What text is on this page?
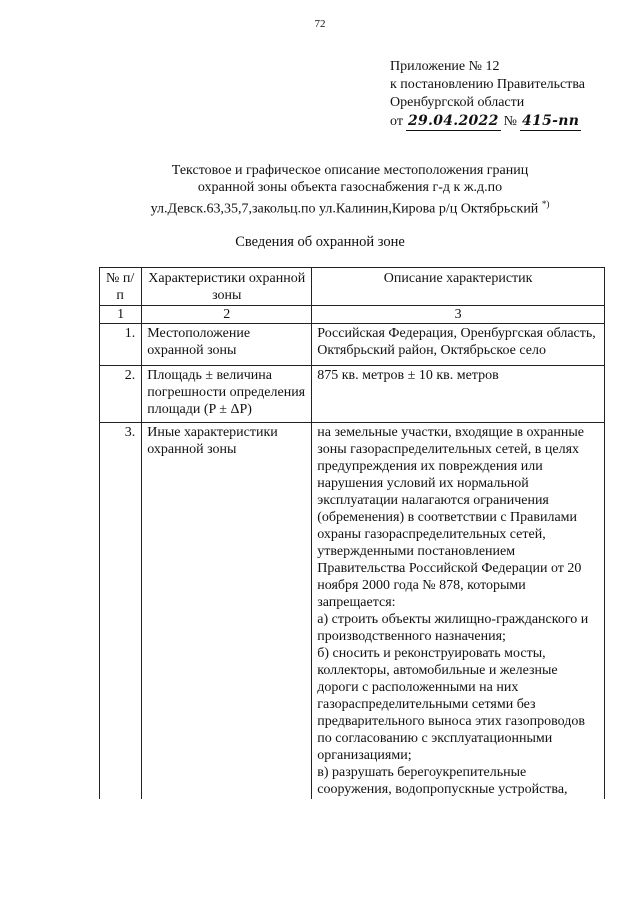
72
Приложение № 12
к постановлению Правительства
Оренбургской области
от 29.04.2022 № 415-пп
Текстовое и графическое описание местоположения границ
охранной зоны объекта газоснабжения г-д к ж.д.по
ул.Девск.63,35,7,закольц.по ул.Калинин,Кирова р/ц Октябрьский *)
Сведения об охранной зоне
№ п/п	Характеристики охранной зоны	Описание характеристик
1	2	3
1.	Местоположение охранной зоны	Российская Федерация, Оренбургская область, Октябрьский район, Октябрьское село
2.	Площадь ± величина погрешности определения площади (P ± ΔP)	875 кв. метров ± 10 кв. метров
3.	Иные характеристики охранной зоны	на земельные участки, входящие в охранные зоны газораспределительных сетей, в целях предупреждения их повреждения или нарушения условий их нормальной эксплуатации налагаются ограничения (обременения) в соответствии с Правилами охраны газораспределительных сетей, утвержденными постановлением Правительства Российской Федерации от 20 ноября 2000 года № 878, которыми запрещается:
а) строить объекты жилищно-гражданского и производственного назначения;
б) сносить и реконструировать мосты, коллекторы, автомобильные и железные дороги с расположенными на них газораспределительными сетями без предварительного выноса этих газопроводов по согласованию с эксплуатационными организациями;
в) разрушать берегоукрепительные сооружения, водопропускные устройства,
